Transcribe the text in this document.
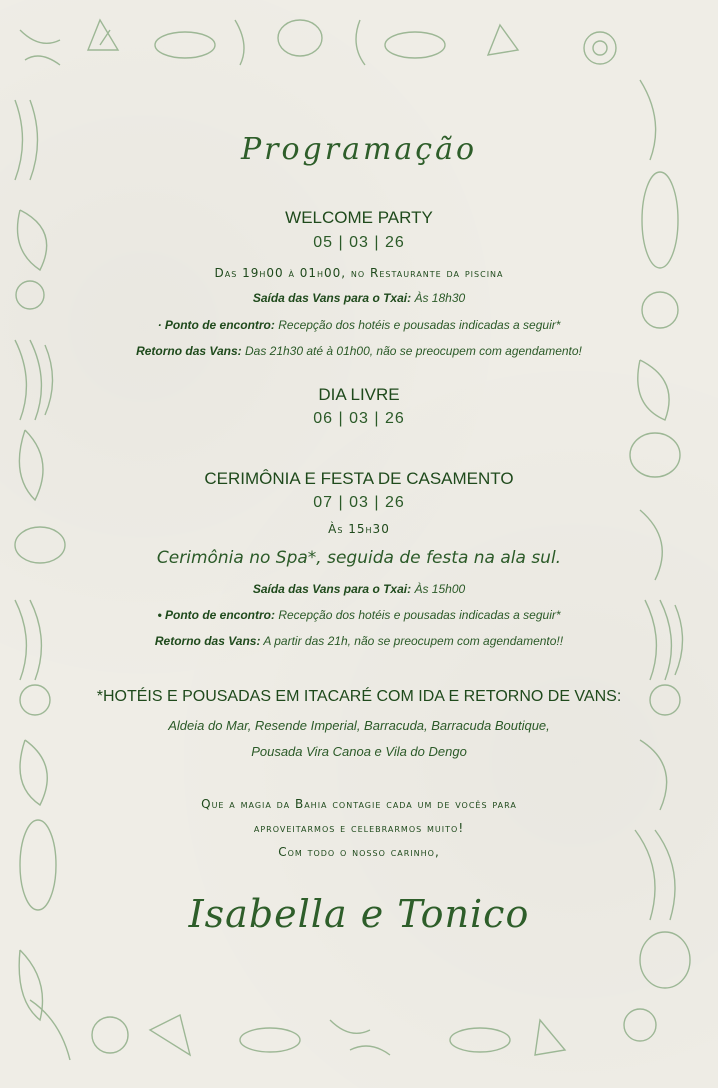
Programação
WELCOME PARTY
05 | 03 | 26
Das 19h00 à 01h00, no Restaurante da piscina
Saída das Vans para o Txai: Às 18h30
· Ponto de encontro: Recepção dos hotéis e pousadas indicadas a seguir*
Retorno das Vans: Das 21h30 até à 01h00, não se preocupem com agendamento!
DIA LIVRE
06 | 03 | 26
CERIMÔNIA E FESTA DE CASAMENTO
07 | 03 | 26
Às 15h30
Cerimônia no Spa*, seguida de festa na ala sul.
Saída das Vans para o Txai: Às 15h00
• Ponto de encontro: Recepção dos hotéis e pousadas indicadas a seguir*
Retorno das Vans: A partir das 21h, não se preocupem com agendamento!!
*HOTÉIS E POUSADAS EM ITACARÉ COM IDA E RETORNO DE VANS:
Aldeia do Mar, Resende Imperial, Barracuda, Barracuda Boutique,
Pousada Vira Canoa e Vila do Dengo
Que a magia da Bahia contagie cada um de vocês para
aproveitarmos e celebrarmos muito!
Com todo o nosso carinho,
Isabella e Tonico
